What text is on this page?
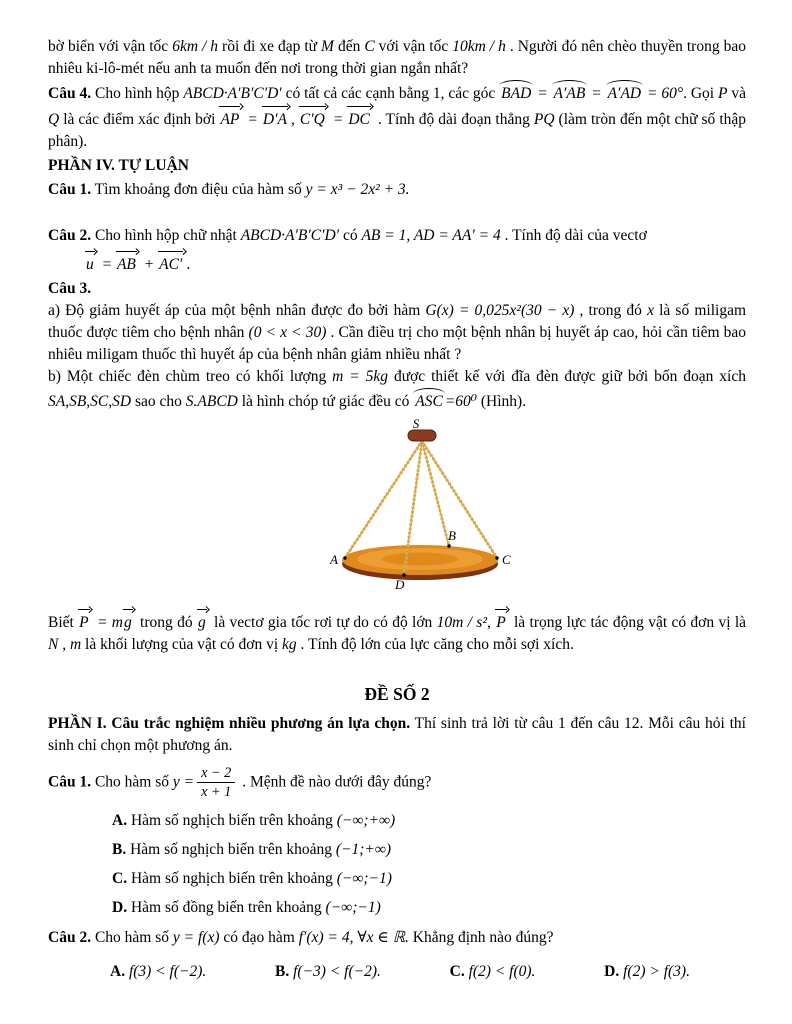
bờ biển với vận tốc 6km / h rồi đi xe đạp từ M đến C với vận tốc 10km / h . Người đó nên chèo thuyền trong bao nhiêu ki-lô-mét nếu anh ta muốn đến nơi trong thời gian ngắn nhất?

Câu 4. Cho hình hộp ABCD·A′B′C′D′ có tất cả các cạnh bằng 1, các góc BAD = A′AB = A′AD = 60°. Gọi P và Q là các điểm xác định bởi AP = D′A , C′Q = DC . Tính độ dài đoạn thẳng PQ (làm tròn đến một chữ số thập phân).

PHẦN IV. TỰ LUẬN

Câu 1. Tìm khoảng đơn điệu của hàm số y = x³ − 2x² + 3.

Câu 2. Cho hình hộp chữ nhật ABCD·A′B′C′D′ có AB = 1, AD = AA′ = 4 . Tính độ dài của vectơ

u = AB + AC′ .

Câu 3.

a) Độ giảm huyết áp của một bệnh nhân được đo bởi hàm G(x) = 0,025x²(30 − x) , trong đó x là số miligam thuốc được tiêm cho bệnh nhân (0 < x < 30) . Cần điều trị cho một bệnh nhân bị huyết áp cao, hỏi cần tiêm bao nhiêu miligam thuốc thì huyết áp của bệnh nhân giảm nhiều nhất ?

b) Một chiếc đèn chùm treo có khối lượng m = 5kg được thiết kế với đĩa đèn được giữ bởi bốn đoạn xích SA,SB,SC,SD sao cho S.ABCD là hình chóp tứ giác đều có ASC =60⁰ (Hình).

S
A
B
C
D

Biết P = mg trong đó g là vectơ gia tốc rơi tự do có độ lớn 10m / s², P là trọng lực tác động vật có đơn vị là N , m là khối lượng của vật có đơn vị kg . Tính độ lớn của lực căng cho mỗi sợi xích.

ĐỀ SỐ 2

PHẦN I. Câu trắc nghiệm nhiều phương án lựa chọn. Thí sinh trả lời từ câu 1 đến câu 12. Mỗi câu hỏi thí sinh chỉ chọn một phương án.

Câu 1. Cho hàm số $y = \frac{x - 2}{x + 1}$ . Mệnh đề nào dưới đây đúng?

A. Hàm số nghịch biến trên khoảng (−∞;+∞)

B. Hàm số nghịch biến trên khoảng (−1;+∞)

C. Hàm số nghịch biến trên khoảng (−∞;−1)

D. Hàm số đồng biến trên khoảng (−∞;−1)

Câu 2. Cho hàm số y = f(x) có đạo hàm f′(x) = 4, ∀x ∈ ℝ. Khẳng định nào đúng?

A. f(3) < f(−2).	B. f(−3) < f(−2).	C. f(2) < f(0).	D. f(2) > f(3).
